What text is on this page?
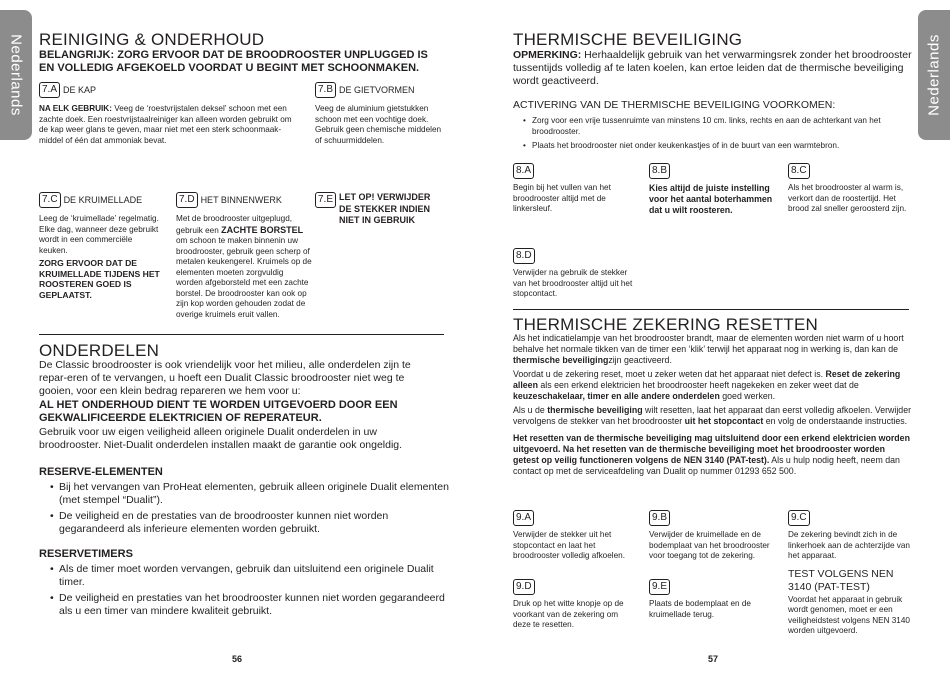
Nederlands REINIGING & ONDERHOUD
BELANGRIJK: ZORG ERVOOR DAT DE BROODROOSTER UNPLUGGED IS EN VOLLEDIG AFGEKOELD VOORDAT U BEGINT MET SCHOONMAKEN.
7.A DE KAP
NA ELK GEBRUIK: Veeg de ‘roestvrijstalen deksel’ schoon met een zachte doek. Een roestvrijstaalreiniger kan alleen worden gebruikt om de kap weer glans te geven, maar niet met een sterk schoonmaak-middel of één dat ammoniak bevat.
7.B DE GIETVORMEN
Veeg de aluminium gietstukken schoon met een vochtige doek. Gebruik geen chemische middelen of schuurmiddelen.
7.C DE KRUIMELLADE
Leeg de ‘kruimellade’ regelmatig. Elke dag, wanneer deze gebruikt wordt in een commerciële keuken.
ZORG ERVOOR DAT DE KRUIMELLADE TIJDENS HET ROOSTEREN GOED IS GEPLAATST.
7.D HET BINNENWERK
Met de broodrooster uitgeplugd, gebruik een ZACHTE BORSTEL om schoon te maken binnenin uw broodrooster, gebruik geen scherp of metalen keukengereI. Kruimels op de elementen moeten zorgvuldig worden afgeborsteld met een zachte borstel. De broodrooster kan ook op zijn kop worden gehouden zodat de overige kruimels eruit vallen.
7.E LET OP! VERWIJDER DE STEKKER INDIEN NIET IN GEBRUIK
ONDERDELEN
De Classic broodrooster is ook vriendelijk voor het milieu, alle onderdelen zijn te repar-eren of te vervangen, u hoeft een Dualit Classic broodrooster niet weg te gooien, voor een klein bedrag repareren we hem voor u:
AL HET ONDERHOUD DIENT TE WORDEN UITGEVOERD DOOR EEN GEKWALIFICEERDE ELEKTRICIEN OF REPERATEUR.
Gebruik voor uw eigen veiligheid alleen originele Dualit onderdelen in uw broodrooster. Niet-Dualit onderdelen installen maakt de garantie ook ongeldig.
RESERVE-ELEMENTEN
• Bij het vervangen van ProHeat elementen, gebruik alleen originele Dualit elementen (met stempel “Dualit”).
• De veiligheid en de prestaties van de broodrooster kunnen niet worden gegarandeerd als inferieure elementen worden gebruikt.
RESERVETIMERS
• Als de timer moet worden vervangen, gebruik dan uitsluitend een originele Dualit timer.
• De veiligheid en prestaties van het broodrooster kunnen niet worden gegarandeerd als u een timer van mindere kwaliteit gebruikt.
56
Nederlands
THERMISCHE BEVEILIGING
OPMERKING: Herhaaldelijk gebruik van het verwarmingsrek zonder het broodrooster tussentijds volledig af te laten koelen, kan ertoe leiden dat de thermische beveiliging wordt geactiveerd.
ACTIVERING VAN DE THERMISCHE BEVEILIGING VOORKOMEN:
• Zorg voor een vrije tussenruimte van minstens 10 cm. links, rechts en aan de achterkant van het broodrooster.
• Plaats het broodrooster niet onder keukenkastjes of in de buurt van een warmtebron.
8.A
Begin bij het vullen van het broodrooster altijd met de linkersleuf.
8.B
Kies altijd de juiste instelling voor het aantal boterhammen dat u wilt roosteren.
8.C
Als het broodrooster al warm is, verkort dan de roostertijd. Het brood zal sneller geroosterd zijn.
8.D
Verwijder na gebruik de stekker van het broodrooster altijd uit het stopcontact.
THERMISCHE ZEKERING RESETTEN
Als het indicatielampje van het broodrooster brandt, maar de elementen worden niet warm of u hoort behalve het normale tikken van de timer een ‘klik’ terwijl het apparaat nog in werking is, dan kan de thermische beveiligingzijn geactiveerd.
Voordat u de zekering reset, moet u zeker weten dat het apparaat niet defect is. Reset de zekering alleen als een erkend elektricien het broodrooster heeft nagekeken en zeker weet dat de keuzeschakelaar, timer en alle andere onderdelen goed werken.
Als u de thermische beveiliging wilt resetten, laat het apparaat dan eerst volledig afkoelen. Verwijder vervolgens de stekker van het broodrooster uit het stopcontact en volg de onderstaande instructies.
Het resetten van de thermische beveiliging mag uitsluitend door een erkend elektricien worden uitgevoerd. Na het resetten van de thermische beveiliging moet het broodrooster worden getest op veilig functioneren volgens de NEN 3140 (PAT-test). Als u hulp nodig heeft, neem dan contact op met de serviceafdeling van Dualit op nummer 01293 652 500.
9.A
Verwijder de stekker uit het stopcontact en laat het broodrooster volledig afkoelen.
9.B
Verwijder de kruimellade en de bodemplaat van het broodrooster voor toegang tot de zekering.
9.C
De zekering bevindt zich in de linkerhoek aan de achterzijde van het apparaat.
TEST VOLGENS NEN 3140 (PAT-TEST)
Voordat het apparaat in gebruik wordt genomen, moet er een veiligheidstest volgens NEN 3140 worden uitgevoerd.
9.D
Druk op het witte knopje op de voorkant van de zekering om deze te resetten.
9.E
Plaats de bodemplaat en de kruimellade terug.
57
